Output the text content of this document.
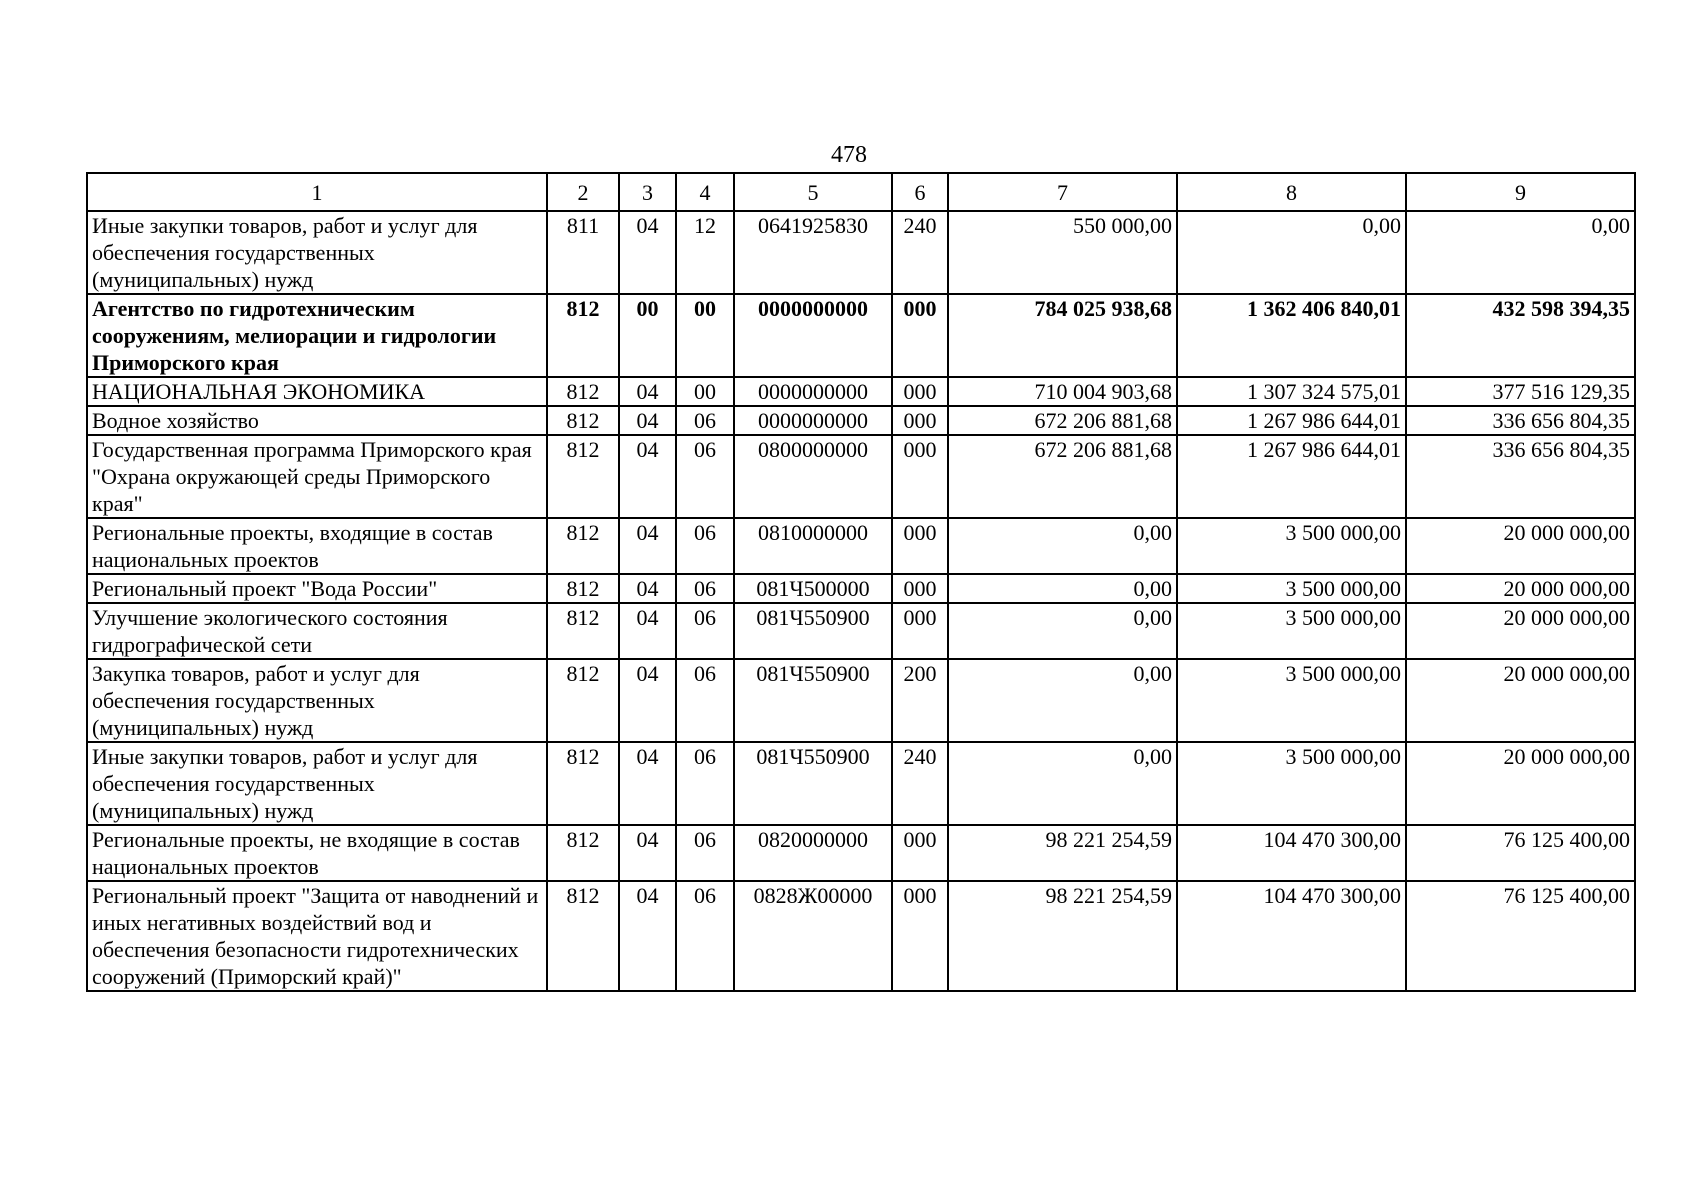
478
1	2	3	4	5	6	7	8	9
Иные закупки товаров, работ и услуг для обеспечения государственных (муниципальных) нужд	811	04	12	0641925830	240	550 000,00	0,00	0,00
Агентство по гидротехническим сооружениям, мелиорации и гидрологии Приморского края	812	00	00	0000000000	000	784 025 938,68	1 362 406 840,01	432 598 394,35
НАЦИОНАЛЬНАЯ ЭКОНОМИКА	812	04	00	0000000000	000	710 004 903,68	1 307 324 575,01	377 516 129,35
Водное хозяйство	812	04	06	0000000000	000	672 206 881,68	1 267 986 644,01	336 656 804,35
Государственная программа Приморского края "Охрана окружающей среды Приморского края"	812	04	06	0800000000	000	672 206 881,68	1 267 986 644,01	336 656 804,35
Региональные проекты, входящие в состав национальных проектов	812	04	06	0810000000	000	0,00	3 500 000,00	20 000 000,00
Региональный проект "Вода России"	812	04	06	081Ч500000	000	0,00	3 500 000,00	20 000 000,00
Улучшение экологического состояния гидрографической сети	812	04	06	081Ч550900	000	0,00	3 500 000,00	20 000 000,00
Закупка товаров, работ и услуг для обеспечения государственных (муниципальных) нужд	812	04	06	081Ч550900	200	0,00	3 500 000,00	20 000 000,00
Иные закупки товаров, работ и услуг для обеспечения государственных (муниципальных) нужд	812	04	06	081Ч550900	240	0,00	3 500 000,00	20 000 000,00
Региональные проекты, не входящие в состав национальных проектов	812	04	06	0820000000	000	98 221 254,59	104 470 300,00	76 125 400,00
Региональный проект "Защита от наводнений и иных негативных воздействий вод и обеспечения безопасности гидротехнических сооружений (Приморский край)"	812	04	06	0828Ж00000	000	98 221 254,59	104 470 300,00	76 125 400,00
